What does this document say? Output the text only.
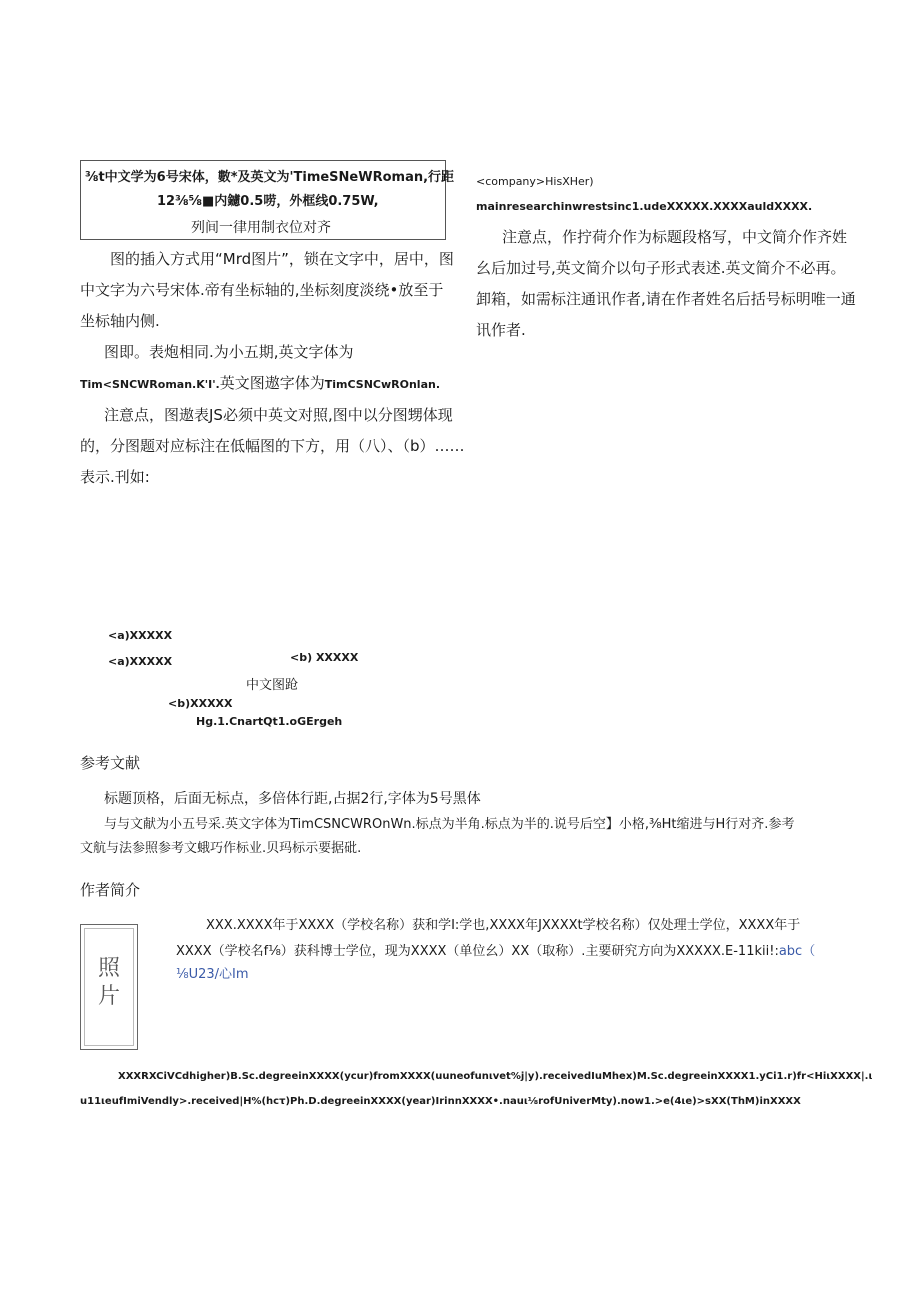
⅜t中文学为6号宋体，數*及英文为'TimeSNeWRoman,行距
12⅜⅝■内鑢0.5唠，外框线0.75W,
列间一律用制衣位对齐
图的插入方式用“Mrd图片”，锁在文字中，居中，图
中文字为六号宋体.帝有坐标轴的,坐标刻度淡绕•放至于
坐标轴内侧.
图即。表炮相同.为小五期,英文字体为
Tim<SNCWRoman.K'I'.英文图遨字体为TimCSNCwROnlan.
注意点，图遨表JS必须中英文对照,图中以分图甥体现
的，分图题对应标注在低幅图的下方，用（八）、（b）……
表示.刊如:
<a)XXXXX
<a)XXXXX	<b) XXXXX
中文图跄
<b)XXXXX
Hg.1.CnartQt1.oGErgeh
<company>HisXHer)
mainresearchinwrestsinc1.udeXXXXX.XXXXauldXXXX.
注意点，作拧荷介作为标题段格写，中文简介作齐姓
幺后加过号,英文简介以句子形式表述.英文简介不必再。
卸箱，如需标注通讯作者,请在作者姓名后括号标明唯一通
讯作者.
参考文献
标题顶格，后面无标点，多倍体行距,占据2行,字体为5号黑体
与与文献为小五号采.英文字体为TimCSNCWROnWn.标点为半角.标点为半的.说号后空】小格,⅜Ht缩进与H行对齐.参考
文航与法参照参考文蛾巧作标业.贝玛标示要据砒.
作者简介
照片
XXX.XXXX年于XXXX（学校名称）获和学I:学也,XXXX年JXXXXt学校名称）仅处理士学位，XXXX年于
XXXX（学校名f⅛）获科博士学位，现为XXXX（单位幺）XX（取称）.主要研究方向为XXXXX.E-11kii!:abc（
⅛U23/心Im
XXXRXCiVCdhigher)B.Sc.degreeinXXXX(ycur)fromXXXX(uuneofunιvet%j|y).receivedIuMhex)M.Sc.degreeinXXXX1.yCi1.r)fr<HiιXXXX|.ι
u11ιeufImiVendly>.received|H%(hcτ)Ph.D.degreeinXXXX(year)IrinnXXXX•.nauι⅛rofUniverMty).now1.>e(4ιe)>sXX(ThM)inXXXX
